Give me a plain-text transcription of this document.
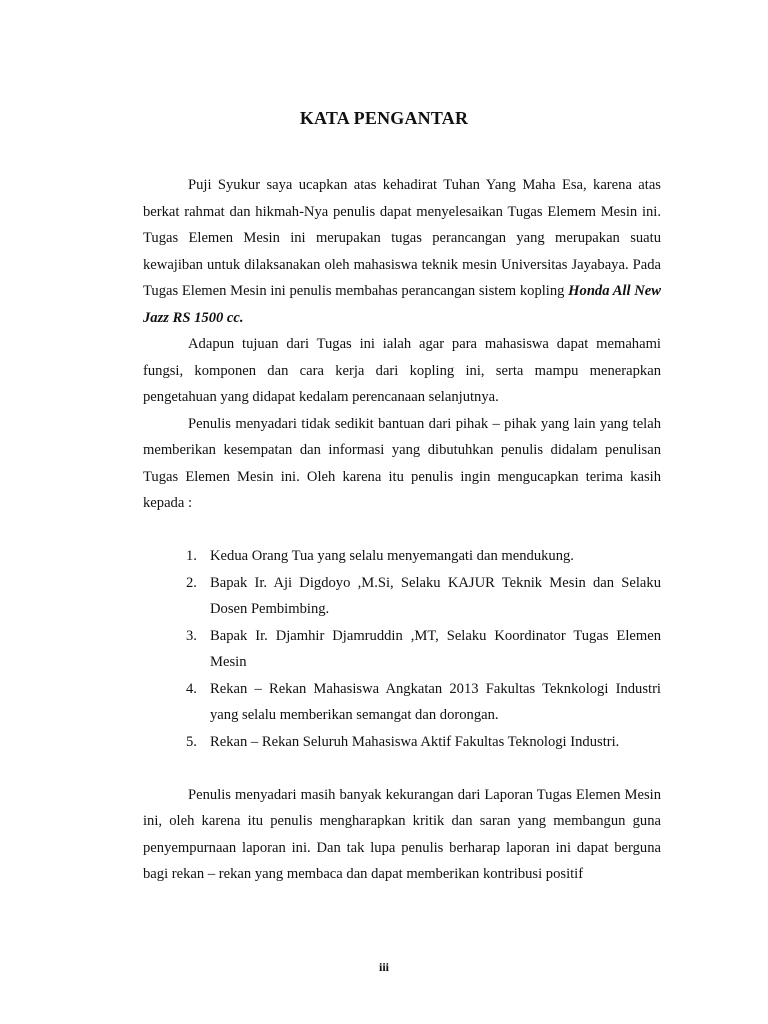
KATA PENGANTAR

Puji Syukur saya ucapkan atas kehadirat Tuhan Yang Maha Esa, karena atas berkat rahmat dan hikmah-Nya penulis dapat menyelesaikan Tugas Elemem Mesin ini. Tugas Elemen Mesin ini merupakan tugas perancangan yang merupakan suatu kewajiban untuk dilaksanakan oleh mahasiswa teknik mesin Universitas Jayabaya. Pada Tugas Elemen Mesin ini penulis membahas perancangan sistem kopling Honda All New Jazz RS 1500 cc.

Adapun tujuan dari Tugas ini ialah agar para mahasiswa dapat memahami fungsi, komponen dan cara kerja dari kopling ini, serta mampu menerapkan pengetahuan yang didapat kedalam perencanaan selanjutnya.

Penulis menyadari tidak sedikit bantuan dari pihak – pihak yang lain yang telah memberikan kesempatan dan informasi yang dibutuhkan penulis didalam penulisan Tugas Elemen Mesin ini. Oleh karena itu penulis ingin mengucapkan terima kasih kepada :

1. Kedua Orang Tua yang selalu menyemangati dan mendukung.
2. Bapak Ir. Aji Digdoyo ,M.Si, Selaku KAJUR Teknik Mesin dan Selaku Dosen Pembimbing.
3. Bapak Ir. Djamhir Djamruddin ,MT, Selaku Koordinator Tugas Elemen Mesin
4. Rekan – Rekan Mahasiswa Angkatan 2013 Fakultas Teknkologi Industri yang selalu memberikan semangat dan dorongan.
5. Rekan – Rekan Seluruh Mahasiswa Aktif Fakultas Teknologi Industri.

Penulis menyadari masih banyak kekurangan dari Laporan Tugas Elemen Mesin ini, oleh karena itu penulis mengharapkan kritik dan saran yang membangun guna penyempurnaan laporan ini. Dan tak lupa penulis berharap laporan ini dapat berguna bagi rekan – rekan yang membaca dan dapat memberikan kontribusi positif

iii
